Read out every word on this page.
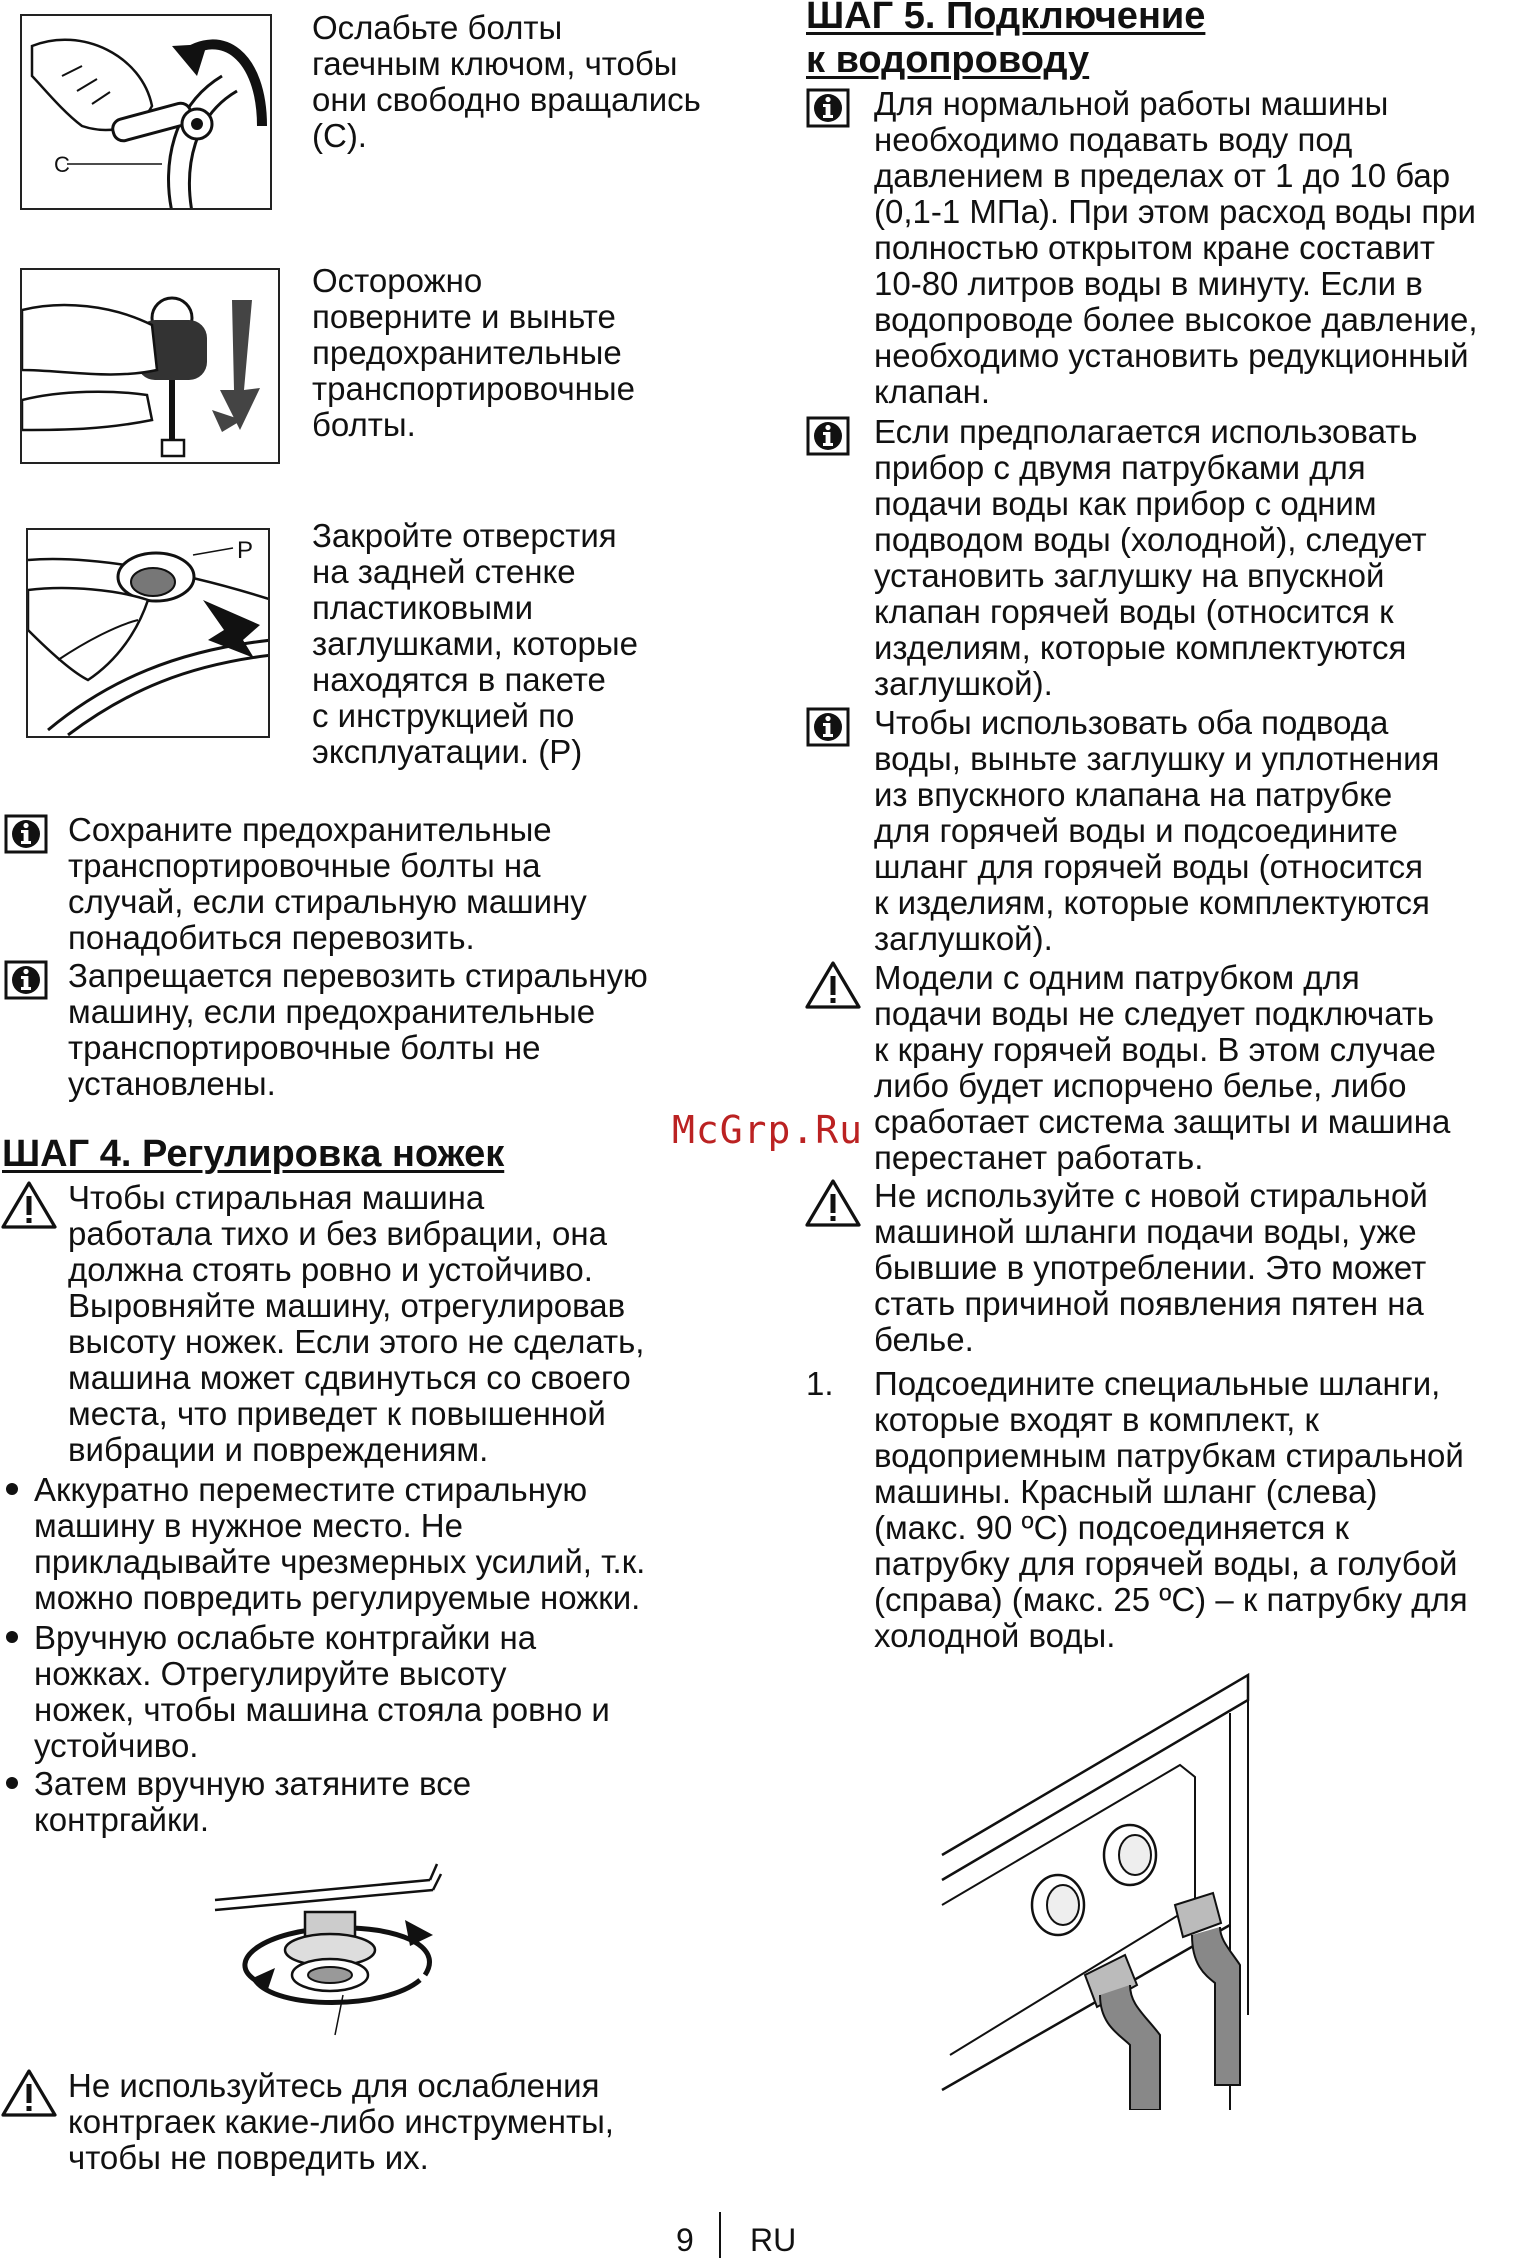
C
Ослабьте болты
гаечным ключом, чтобы
они свободно вращались
(С).
Осторожно
поверните и выньте
предохранительные
транспортировочные
болты.
P Закройте отверстия
на задней стенке
пластиковыми
заглушками, которые
находятся в пакете
с инструкцией по
эксплуатации. (Р)
Сохраните предохранительные
транспортировочные болты на
случай, если стиральную машину
понадобиться перевозить.
Запрещается перевозить стиральную
машину, если предохранительные
транспортировочные болты не
установлены.
ШАГ 4. Регулировка ножек
Чтобы стиральная машина
работала тихо и без вибрации, она
должна стоять ровно и устойчиво.
Выровняйте машину, отрегулировав
высоту ножек. Если этого не сделать,
машина может сдвинуться со своего
места, что приведет к повышенной
вибрации и повреждениям.
Аккуратно переместите стиральную
машину в нужное место. Не
прикладывайте чрезмерных усилий, т.к.
можно повредить регулируемые ножки.
Вручную ослабьте контргайки на
ножках. Отрегулируйте высоту
ножек, чтобы машина стояла ровно и
устойчиво.
Затем вручную затяните все
контргайки.
Не используйтесь для ослабления
контргаек какие-либо инструменты,
чтобы не повредить их.
McGrp.Ru
ШАГ 5. Подключение
к водопроводу
Для нормальной работы машины
необходимо подавать воду под
давлением в пределах от 1 до 10 бар
(0,1-1 МПа). При этом расход воды при
полностью открытом кране составит
10-80 литров воды в минуту. Если в
водопроводе более высокое давление,
необходимо установить редукционный
клапан.
Если предполагается использовать
прибор с двумя патрубками для
подачи воды как прибор с одним
подводом воды (холодной), следует
установить заглушку на впускной
клапан горячей воды (относится к
изделиям, которые комплектуются
заглушкой).
Чтобы использовать оба подвода
воды, выньте заглушку и уплотнения
из впускного клапана на патрубке
для горячей воды и подсоедините
шланг для горячей воды (относится
к изделиям, которые комплектуются
заглушкой).
Модели с одним патрубком для
подачи воды не следует подключать
к крану горячей воды. В этом случае
либо будет испорчено белье, либо
сработает система защиты и машина
перестанет работать.
Не используйте с новой стиральной
машиной шланги подачи воды, уже
бывшие в употреблении. Это может
стать причиной появления пятен на
белье.
1. Подсоедините специальные шланги,
которые входят в комплект, к
водоприемным патрубкам стиральной
машины. Красный шланг (слева)
(макс. 90 ºC) подсоединяется к
патрубку для горячей воды, а голубой
(справа) (макс. 25 ºC) – к патрубку для
холодной воды.
9 RU
